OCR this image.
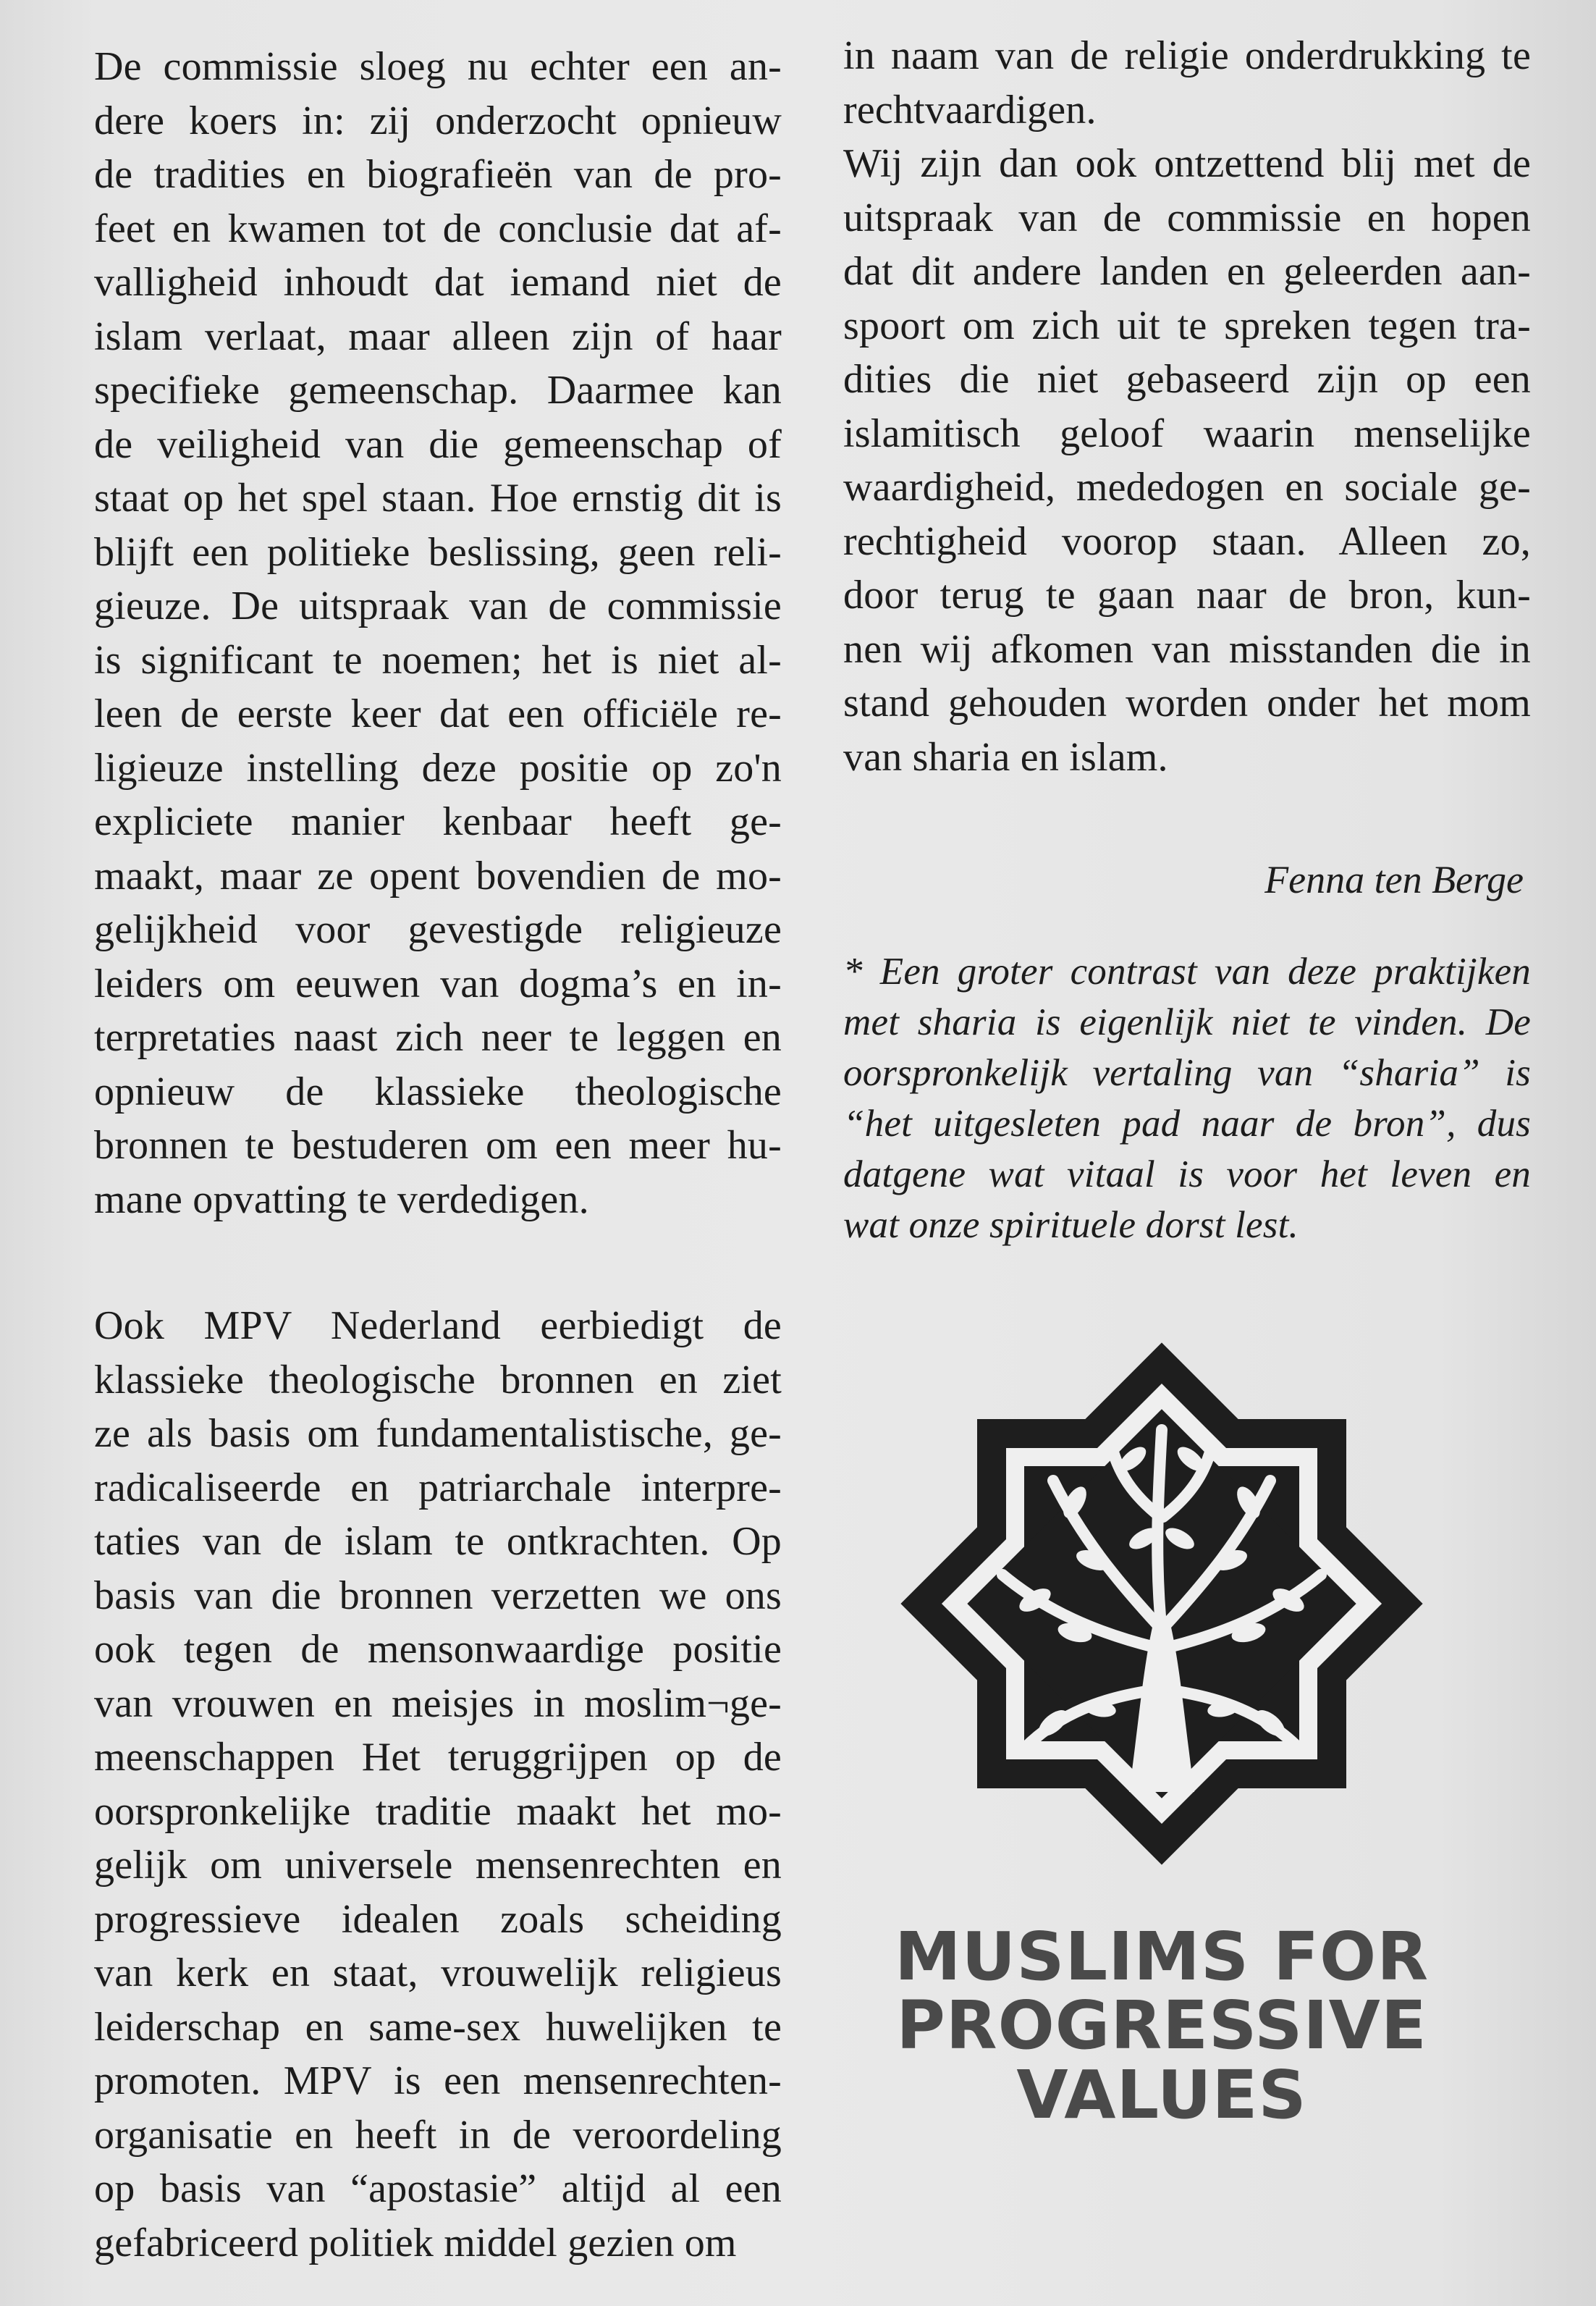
De commissie sloeg nu echter een an-
dere koers in: zij onderzocht opnieuw
de tradities en biografieën van de pro-
feet en kwamen tot de conclusie dat af-
valligheid inhoudt dat iemand niet de
islam verlaat, maar alleen zijn of haar
specifieke gemeenschap. Daarmee kan
de veiligheid van die gemeenschap of
staat op het spel staan. Hoe ernstig dit is
blijft een politieke beslissing, geen reli-
gieuze. De uitspraak van de commissie
is significant te noemen; het is niet al-
leen de eerste keer dat een officiële re-
ligieuze instelling deze positie op zo'n
expliciete manier kenbaar heeft ge-
maakt, maar ze opent bovendien de mo-
gelijkheid voor gevestigde religieuze
leiders om eeuwen van dogma’s en in-
terpretaties naast zich neer te leggen en
opnieuw de klassieke theologische
bronnen te bestuderen om een meer hu-
mane opvatting te verdedigen.
Ook MPV Nederland eerbiedigt de
klassieke theologische bronnen en ziet
ze als basis om fundamentalistische, ge-
radicaliseerde en patriarchale interpre-
taties van de islam te ontkrachten. Op
basis van die bronnen verzetten we ons
ook tegen de mensonwaardige positie
van vrouwen en meisjes in moslim¬ge-
meenschappen Het teruggrijpen op de
oorspronkelijke traditie maakt het mo-
gelijk om universele mensenrechten en
progressieve idealen zoals scheiding
van kerk en staat, vrouwelijk religieus
leiderschap en same-sex huwelijken te
promoten. MPV is een mensenrechten-
organisatie en heeft in de veroordeling
op basis van “apostasie” altijd al een
gefabriceerd politiek middel gezien om
in naam van de religie onderdrukking te
rechtvaardigen.
Wij zijn dan ook ontzettend blij met de
uitspraak van de commissie en hopen
dat dit andere landen en geleerden aan-
spoort om zich uit te spreken tegen tra-
dities die niet gebaseerd zijn op een
islamitisch geloof waarin menselijke
waardigheid, mededogen en sociale ge-
rechtigheid voorop staan. Alleen zo,
door terug te gaan naar de bron, kun-
nen wij afkomen van misstanden die in
stand gehouden worden onder het mom
van sharia en islam.
Fenna ten Berge
* Een groter contrast van deze praktijken
met sharia is eigenlijk niet te vinden. De
oorspronkelijk vertaling van “sharia” is
“het uitgesleten pad naar de bron”, dus
datgene wat vitaal is voor het leven en
wat onze spirituele dorst lest.
MUSLIMS FOR
PROGRESSIVE VALUES
